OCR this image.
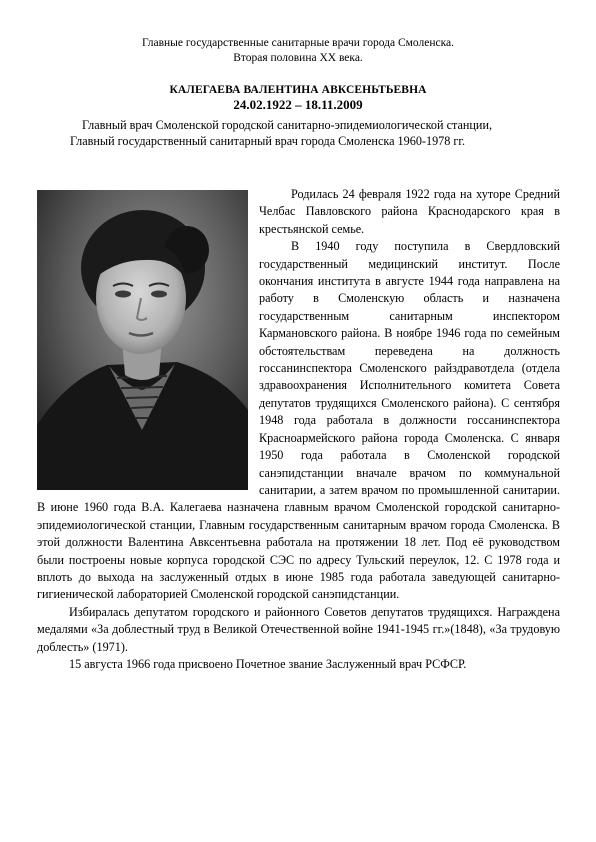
Главные государственные санитарные врачи города Смоленска.
Вторая половина XX века.
КАЛЕГАЕВА ВАЛЕНТИНА АВКСЕНЬТЬЕВНА
24.02.1922 – 18.11.2009
Главный врач Смоленской городской санитарно-эпидемиологической станции,
Главный государственный санитарный врач города Смоленска 1960-1978 гг.

Родилась 24 февраля 1922 года на хуторе Средний Челбас Павловского района Краснодарского края в крестьянской семье.

В 1940 году поступила в Свердловский государственный медицинский институт. После окончания института в августе 1944 года направлена на работу в Смоленскую область и назначена государственным санитарным инспектором Кармановского района. В ноябре 1946 года по семейным обстоятельствам переведена на должность госсанинспектора Смоленского райздравотдела (отдела здравоохранения Исполнительного комитета Совета депутатов трудящихся Смоленского района). С сентября 1948 года работала в должности госсанинспектора Красноармейского района города Смоленска. С января 1950 года работала в Смоленской городской санэпидстанции вначале врачом по коммунальной санитарии, а затем врачом по промышленной санитарии. В июне 1960 года В.А. Калегаева назначена главным врачом Смоленской городской санитарно-эпидемиологической станции, Главным государственным санитарным врачом города Смоленска. В этой должности Валентина Авксентьевна работала на протяжении 18 лет. Под её руководством были построены новые корпуса городской СЭС по адресу Тульский переулок, 12. С 1978 года и вплоть до выхода на заслуженный отдых в июне 1985 года работала заведующей санитарно-гигиенической лабораторией Смоленской городской санэпидстанции.

Избиралась депутатом городского и районного Советов депутатов трудящихся. Награждена медалями «За доблестный труд в Великой Отечественной войне 1941-1945 гг.»(1848), «За трудовую доблесть» (1971).

15 августа 1966 года присвоено Почетное звание Заслуженный врач РСФСР.
